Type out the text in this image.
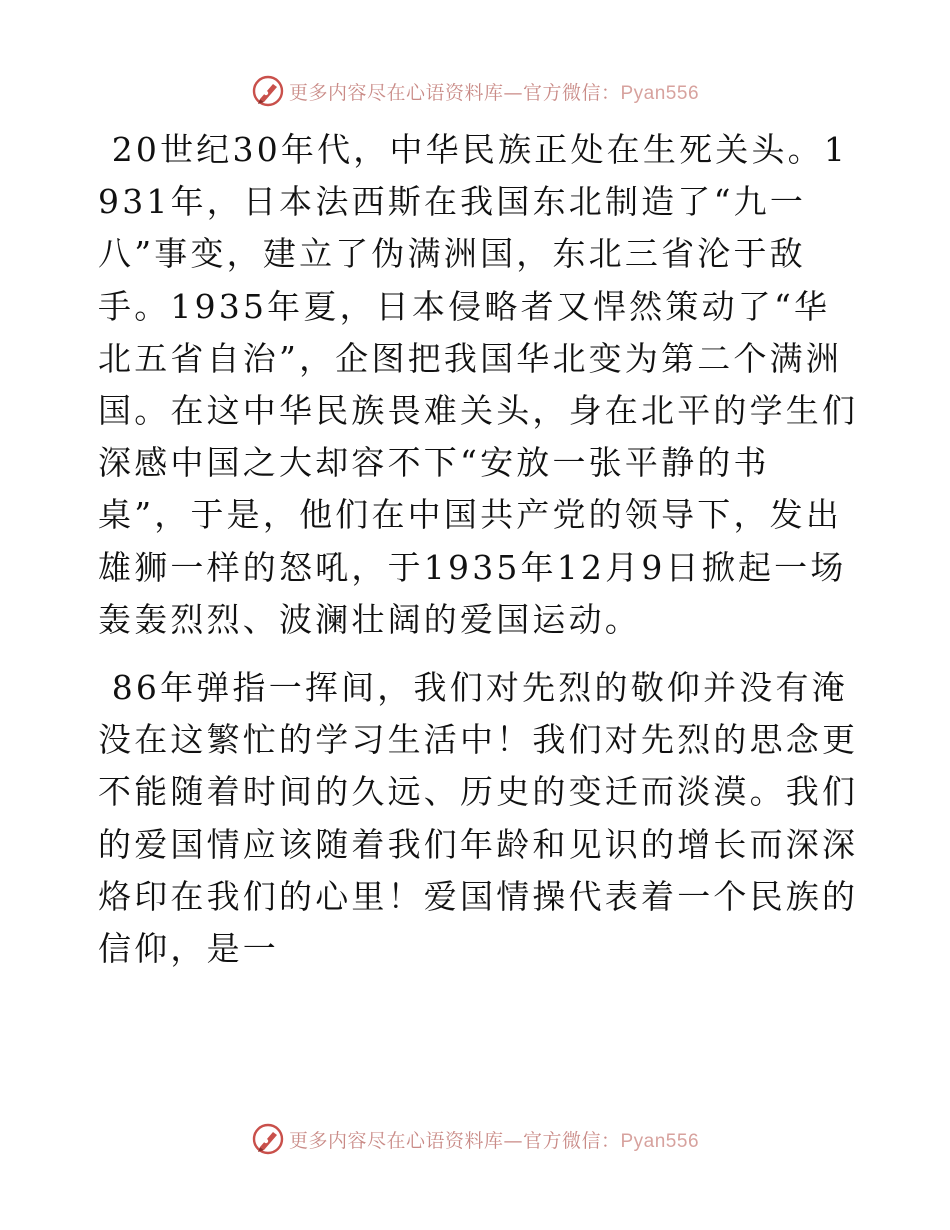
更多内容尽在心语资料库—官方微信：Pyan556

20世纪30年代，中华民族正处在生死关头。1931年，日本法西斯在我国东北制造了“九一八”事变，建立了伪满洲国，东北三省沦于敌手。1935年夏，日本侵略者又悍然策动了“华北五省自治”，企图把我国华北变为第二个满洲国。在这中华民族畏难关头，身在北平的学生们深感中国之大却容不下“安放一张平静的书桌”，于是，他们在中国共产党的领导下，发出雄狮一样的怒吼，于1935年12月9日掀起一场轰轰烈烈、波澜壮阔的爱国运动。

86年弹指一挥间，我们对先烈的敬仰并没有淹没在这繁忙的学习生活中！我们对先烈的思念更不能随着时间的久远、历史的变迁而淡漠。我们的爱国情应该随着我们年龄和见识的增长而深深烙印在我们的心里！爱国情操代表着一个民族的信仰，是一

更多内容尽在心语资料库—官方微信：Pyan556
